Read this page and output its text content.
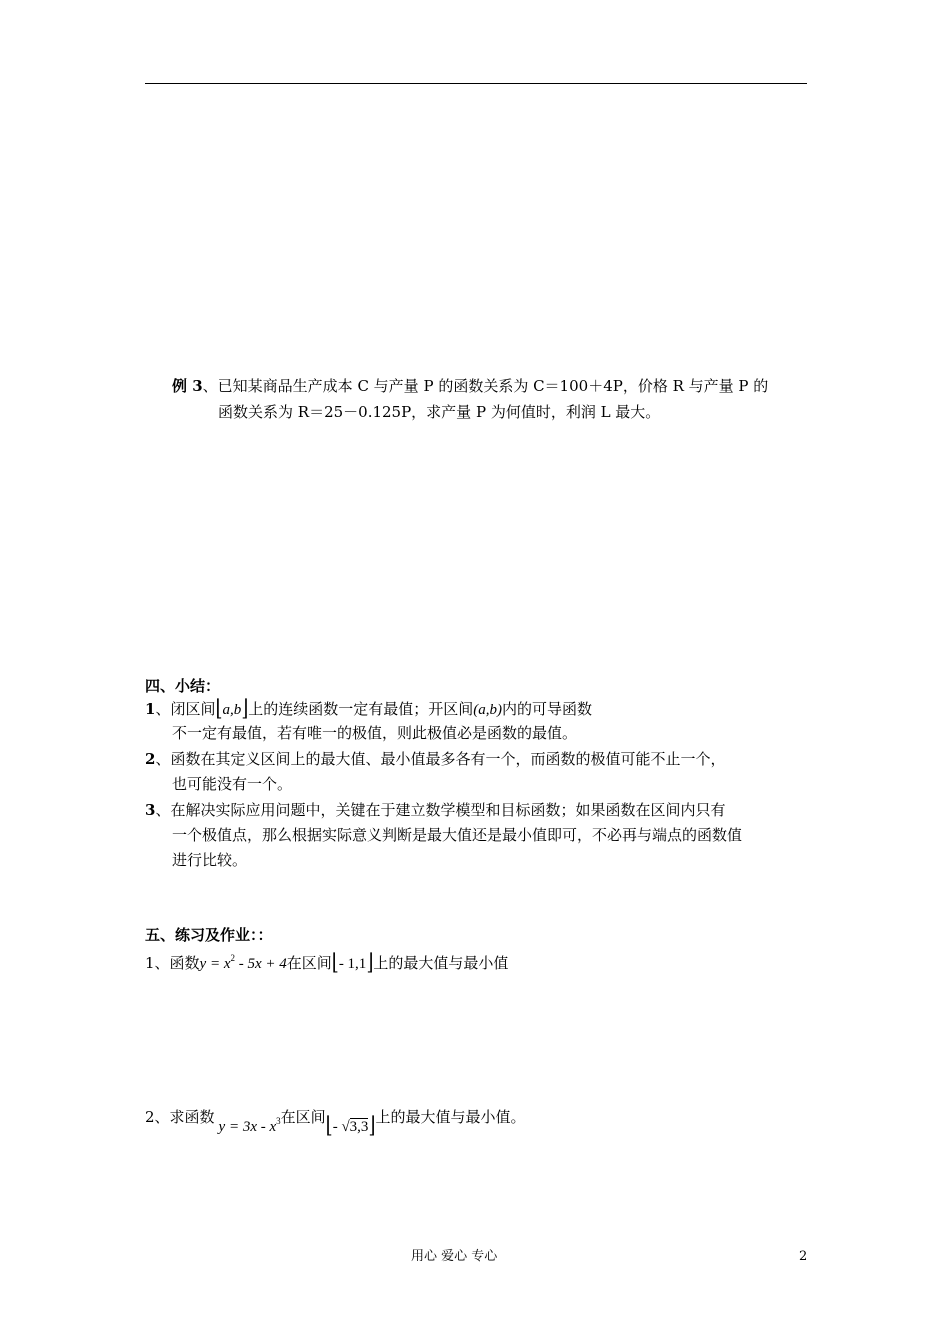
例 3、已知某商品生产成本 C 与产量 P 的函数关系为 C＝100＋4P，价格 R 与产量 P 的
函数关系为 R＝25－0.125P，求产量 P 为何值时，利润 L 最大。
四、小结：
1、闭区间⌊a,b⌋上的连续函数一定有最值；开区间(a,b)内的可导函数
不一定有最值，若有唯一的极值，则此极值必是函数的最值。
2、函数在其定义区间上的最大值、最小值最多各有一个，而函数的极值可能不止一个，
也可能没有一个。
3、在解决实际应用问题中，关键在于建立数学模型和目标函数；如果函数在区间内只有
一个极值点，那么根据实际意义判断是最大值还是最小值即可，不必再与端点的函数值
进行比较。
五、练习及作业：：
1、函数$y = x^2 - 5x + 4$在区间⌊- 1,1⌋上的最大值与最小值
2、求函数$y = 3x - x^3$在区间⌊- √3,3⌋上的最大值与最小值。
用心 爱心 专心	2
